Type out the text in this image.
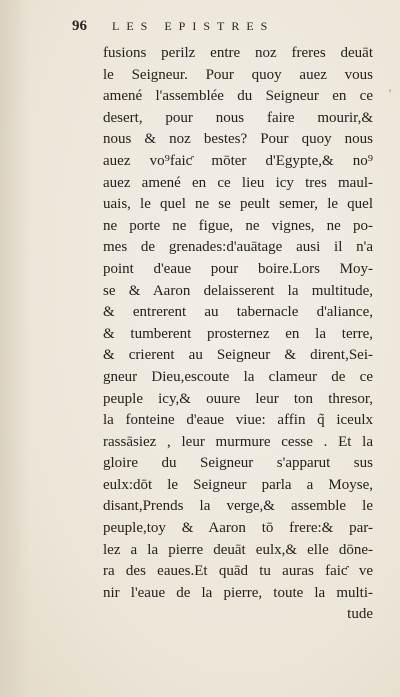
96 LES EPISTRES
fusions perilz entre noz freres deuāt
le Seigneur. Pour quoy auez vous
amené l'assemblée du Seigneur en ce
desert, pour nous faire mourir,&
nous & noz bestes? Pour quoy nous
auez vo⁹faiƈ mōter d'Egypte,& no⁹
auez amené en ce lieu icy tres maul-
uais, le quel ne se peult semer, le quel
ne porte ne figue, ne vignes, ne po-
mes de grenades:d'auātage ausi il n'a
point d'eaue pour boire.Lors Moy-
se & Aaron delaisserent la multitude,
& entrerent au tabernacle d'aliance,
& tumberent prosternez en la terre,
& crierent au Seigneur & dirent,Sei-
gneur Dieu,escoute la clameur de ce
peuple icy,& ouure leur ton thresor,
la fonteine d'eaue viue: affin q̃ iceulx
rassāsiez , leur murmure cesse . Et la
gloire du Seigneur s'apparut sus
eulx:dōt le Seigneur parla a Moyse,
disant,Prends la verge,& assemble le
peuple,toy & Aaron tō frere:& par-
lez a la pierre deuāt eulx,& elle dōne-
ra des eaues.Et quād tu auras faiƈ ve
nir l'eaue de la pierre, toute la multi-
tude
'
